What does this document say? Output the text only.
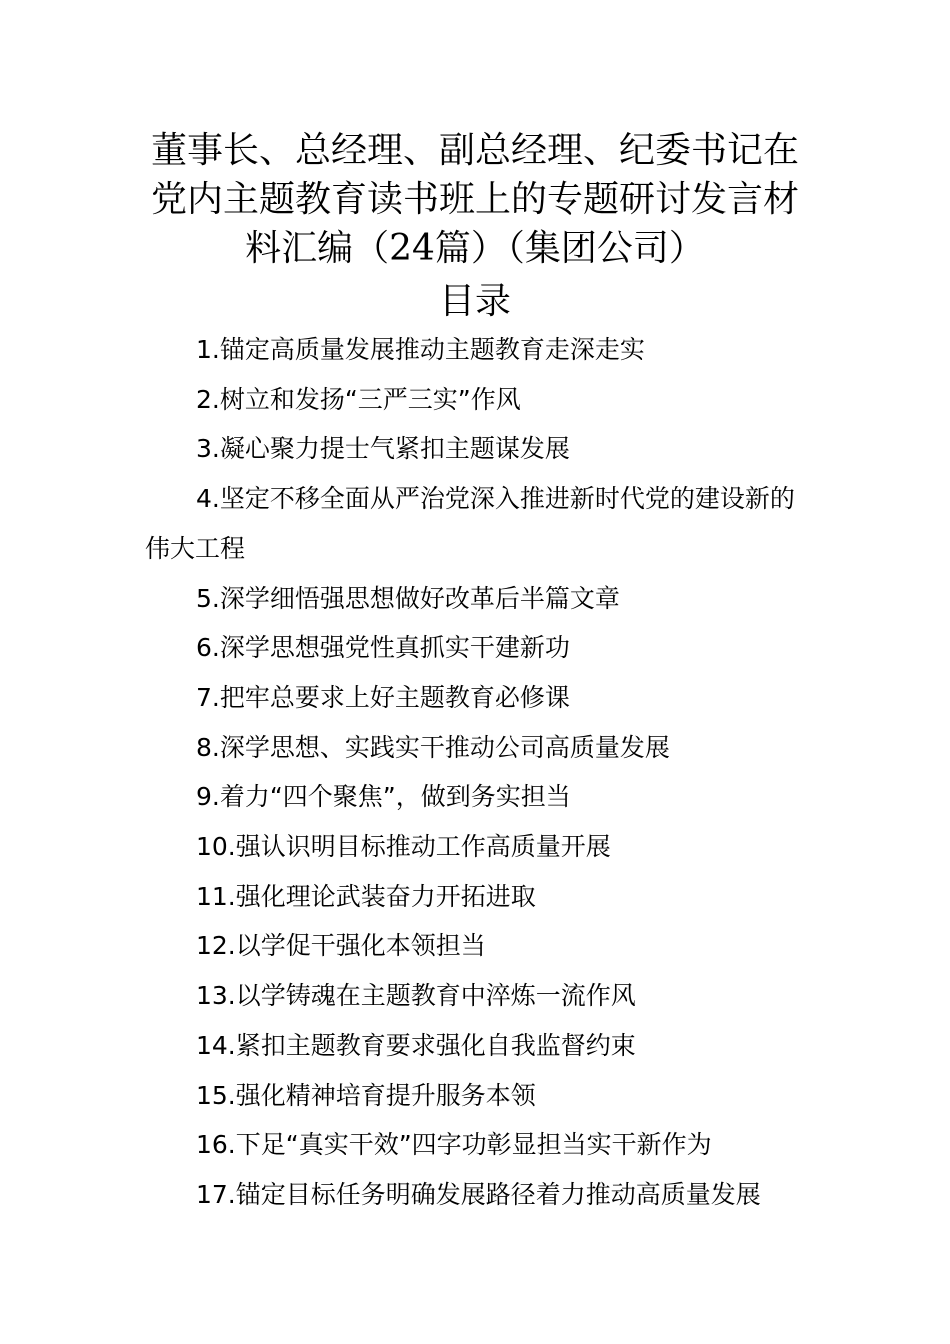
董事长、总经理、副总经理、纪委书记在
党内主题教育读书班上的专题研讨发言材
料汇编（24篇）（集团公司）
目录
1.锚定高质量发展推动主题教育走深走实
2.树立和发扬“三严三实”作风
3.凝心聚力提士气紧扣主题谋发展
4.坚定不移全面从严治党深入推进新时代党的建设新的伟大工程
5.深学细悟强思想做好改革后半篇文章
6.深学思想强党性真抓实干建新功
7.把牢总要求上好主题教育必修课
8.深学思想、实践实干推动公司高质量发展
9.着力“四个聚焦”，做到务实担当
10.强认识明目标推动工作高质量开展
11.强化理论武装奋力开拓进取
12.以学促干强化本领担当
13.以学铸魂在主题教育中淬炼一流作风
14.紧扣主题教育要求强化自我监督约束
15.强化精神培育提升服务本领
16.下足“真实干效”四字功彰显担当实干新作为
17.锚定目标任务明确发展路径着力推动高质量发展
